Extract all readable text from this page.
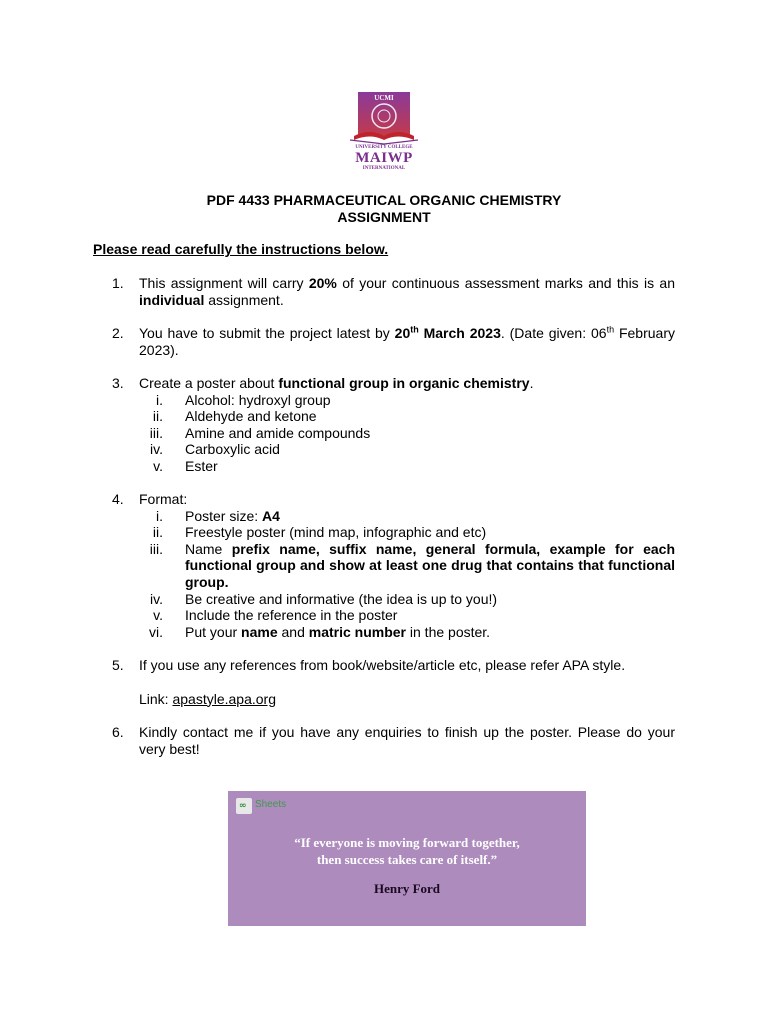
UCMI
UNIVERSITY COLLEGE
MAIWP
INTERNATIONAL
PDF 4433 PHARMACEUTICAL ORGANIC CHEMISTRY
ASSIGNMENT
Please read carefully the instructions below.
1.	This assignment will carry 20% of your continuous assessment marks and this is an individual assignment.
2.	You have to submit the project latest by 20th March 2023. (Date given: 06th February 2023).
3.	Create a poster about functional group in organic chemistry.
i. Alcohol: hydroxyl group
ii. Aldehyde and ketone
iii. Amine and amide compounds
iv. Carboxylic acid
v. Ester
4.	Format:
i. Poster size: A4
ii. Freestyle poster (mind map, infographic and etc)
iii. Name prefix name, suffix name, general formula, example for each functional group and show at least one drug that contains that functional group.
iv. Be creative and informative (the idea is up to you!)
v. Include the reference in the poster
vi. Put your name and matric number in the poster.
5.	If you use any references from book/website/article etc, please refer APA style.
Link: apastyle.apa.org
6.	Kindly contact me if you have any enquiries to finish up the poster. Please do your very best!
∞ Sheets
“If everyone is moving forward together,
then success takes care of itself.”
Henry Ford
